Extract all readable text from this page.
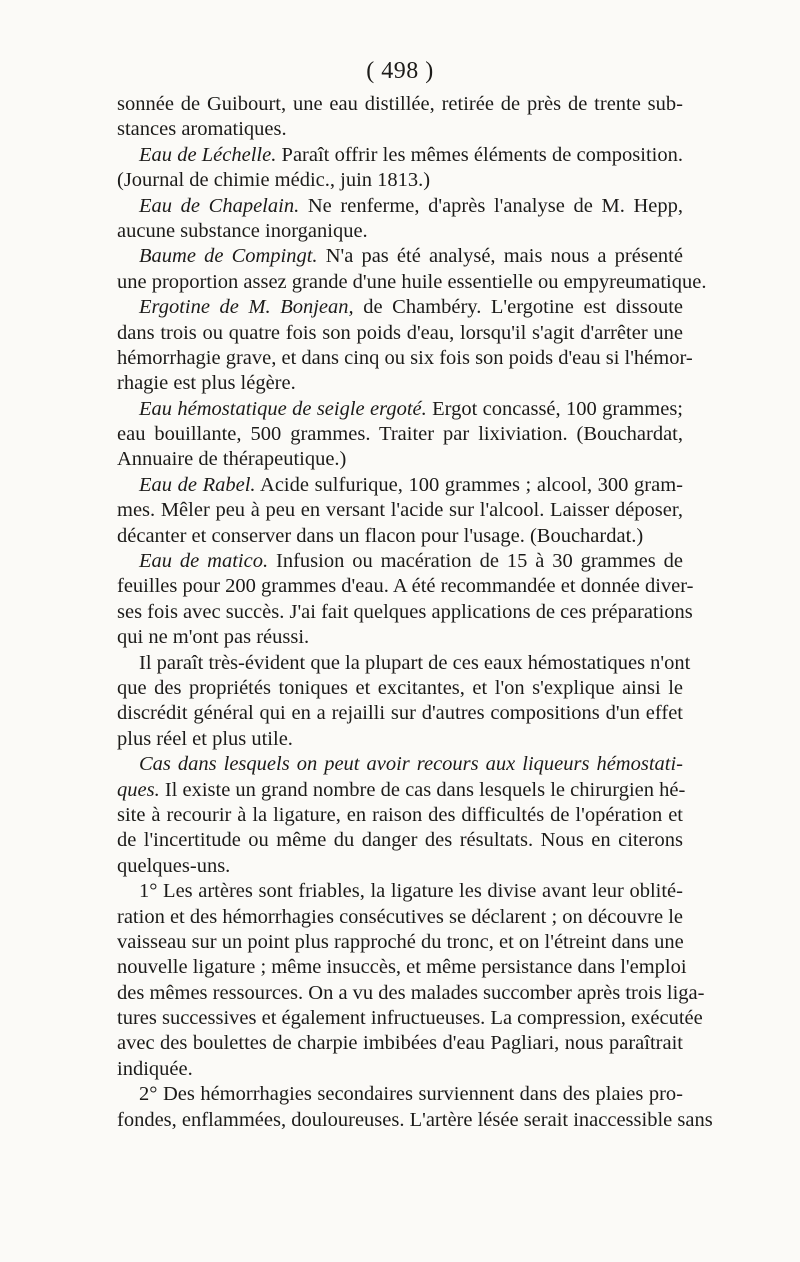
( 498 )
sonnée de Guibourt, une eau distillée, retirée de près de trente sub-
stances aromatiques.
Eau de Léchelle. Paraît offrir les mêmes éléments de composition.
(Journal de chimie médic., juin 1813.)
Eau de Chapelain. Ne renferme, d'après l'analyse de M. Hepp,
aucune substance inorganique.
Baume de Compingt. N'a pas été analysé, mais nous a présenté
une proportion assez grande d'une huile essentielle ou empyreumatique.
Ergotine de M. Bonjean, de Chambéry. L'ergotine est dissoute
dans trois ou quatre fois son poids d'eau, lorsqu'il s'agit d'arrêter une
hémorrhagie grave, et dans cinq ou six fois son poids d'eau si l'hémor-
rhagie est plus légère.
Eau hémostatique de seigle ergoté. Ergot concassé, 100 grammes;
eau bouillante, 500 grammes. Traiter par lixiviation. (Bouchardat,
Annuaire de thérapeutique.)
Eau de Rabel. Acide sulfurique, 100 grammes ; alcool, 300 gram-
mes. Mêler peu à peu en versant l'acide sur l'alcool. Laisser déposer,
décanter et conserver dans un flacon pour l'usage. (Bouchardat.)
Eau de matico. Infusion ou macération de 15 à 30 grammes de
feuilles pour 200 grammes d'eau. A été recommandée et donnée diver-
ses fois avec succès. J'ai fait quelques applications de ces préparations
qui ne m'ont pas réussi.
Il paraît très-évident que la plupart de ces eaux hémostatiques n'ont
que des propriétés toniques et excitantes, et l'on s'explique ainsi le
discrédit général qui en a rejailli sur d'autres compositions d'un effet
plus réel et plus utile.
Cas dans lesquels on peut avoir recours aux liqueurs hémostati-
ques. Il existe un grand nombre de cas dans lesquels le chirurgien hé-
site à recourir à la ligature, en raison des difficultés de l'opération et
de l'incertitude ou même du danger des résultats. Nous en citerons
quelques-uns.
1° Les artères sont friables, la ligature les divise avant leur oblité-
ration et des hémorrhagies consécutives se déclarent ; on découvre le
vaisseau sur un point plus rapproché du tronc, et on l'étreint dans une
nouvelle ligature ; même insuccès, et même persistance dans l'emploi
des mêmes ressources. On a vu des malades succomber après trois liga-
tures successives et également infructueuses. La compression, exécutée
avec des boulettes de charpie imbibées d'eau Pagliari, nous paraîtrait
indiquée.
2° Des hémorrhagies secondaires surviennent dans des plaies pro-
fondes, enflammées, douloureuses. L'artère lésée serait inaccessible sans
